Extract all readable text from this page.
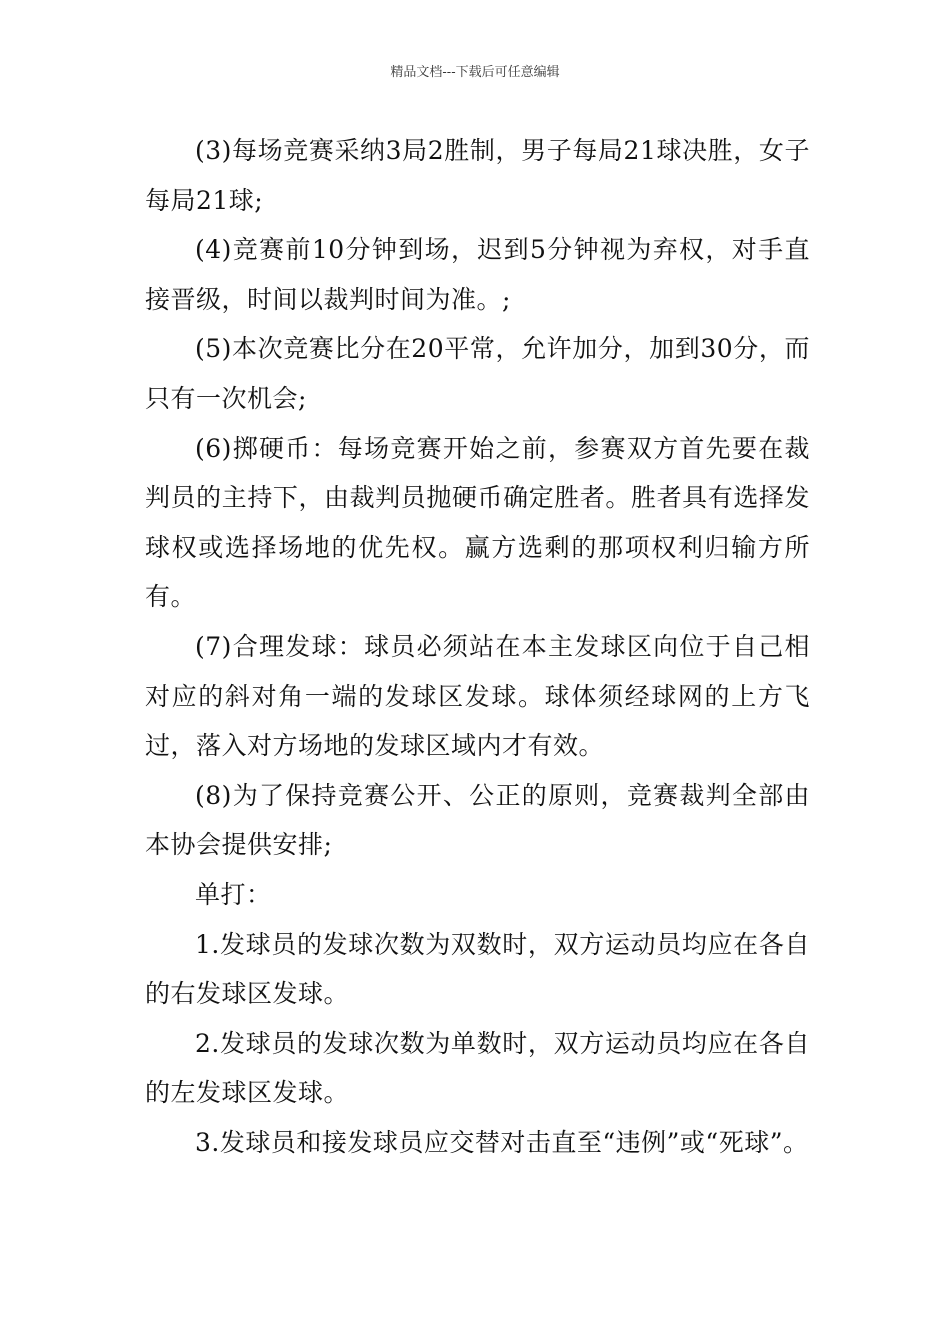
精品文档---下载后可任意编辑

(3)每场竞赛采纳3局2胜制，男子每局21球决胜，女子每局21球;

(4)竞赛前10分钟到场，迟到5分钟视为弃权，对手直接晋级，时间以裁判时间为准。;

(5)本次竞赛比分在20平常，允许加分，加到30分，而只有一次机会;

(6)掷硬币：每场竞赛开始之前，参赛双方首先要在裁判员的主持下，由裁判员抛硬币确定胜者。胜者具有选择发球权或选择场地的优先权。赢方选剩的那项权利归输方所有。

(7)合理发球：球员必须站在本主发球区向位于自己相对应的斜对角一端的发球区发球。球体须经球网的上方飞过，落入对方场地的发球区域内才有效。

(8)为了保持竞赛公开、公正的原则，竞赛裁判全部由本协会提供安排;

单打：

1.发球员的发球次数为双数时，双方运动员均应在各自的右发球区发球。

2.发球员的发球次数为单数时，双方运动员均应在各自的左发球区发球。

3.发球员和接发球员应交替对击直至“违例”或“死球”。
